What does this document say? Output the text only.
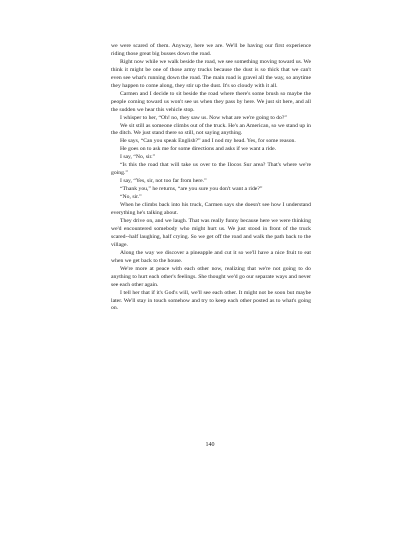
we were scared of them. Anyway, here we are. We'll be having our first experience riding those great big busses down the road.

Right now while we walk beside the road, we see something moving toward us. We think it might be one of those army trucks because the dust is so thick that we can't even see what's running down the road. The main road is gravel all the way, so anytime they happen to come along, they stir up the dust. It's so cloudy with it all.

Carmen and I decide to sit beside the road where there's some brush so maybe the people coming toward us won't see us when they pass by here. We just sit here, and all the sudden we hear this vehicle stop.

I whisper to her, “Oh! no, they saw us. Now what are we're going to do?”

We sit still as someone climbs out of the truck. He's an American, so we stand up in the ditch. We just stand there so still, not saying anything.

He says, “Can you speak English?” and I nod my head. Yes, for some reason.

He goes on to ask me for some directions and asks if we want a ride.

I say, “No, sir.”

“Is this the road that will take us over to the Ilocos Sur area? That's where we're going.”

I say, “Yes, sir, not too far from here.”

“Thank you,” he returns, “are you sure you don't want a ride?”

“No, sir.”

When he climbs back into his truck, Carmen says she doesn't see how I understand everything he's talking about.

They drive on, and we laugh. That was really funny because here we were thinking we'd encountered somebody who might hurt us. We just stood in front of the truck scared--half laughing, half crying. So we get off the road and walk the path back to the village.

Along the way we discover a pineapple and cut it so we'll have a nice fruit to eat when we get back to the house.

We're more at peace with each other now, realizing that we're not going to do anything to hurt each other's feelings. She thought we'd go our separate ways and never see each other again.

I tell her that if it's God's will, we'll see each other. It might not be soon but maybe later. We'll stay in touch somehow and try to keep each other posted as to what's going on.

140
